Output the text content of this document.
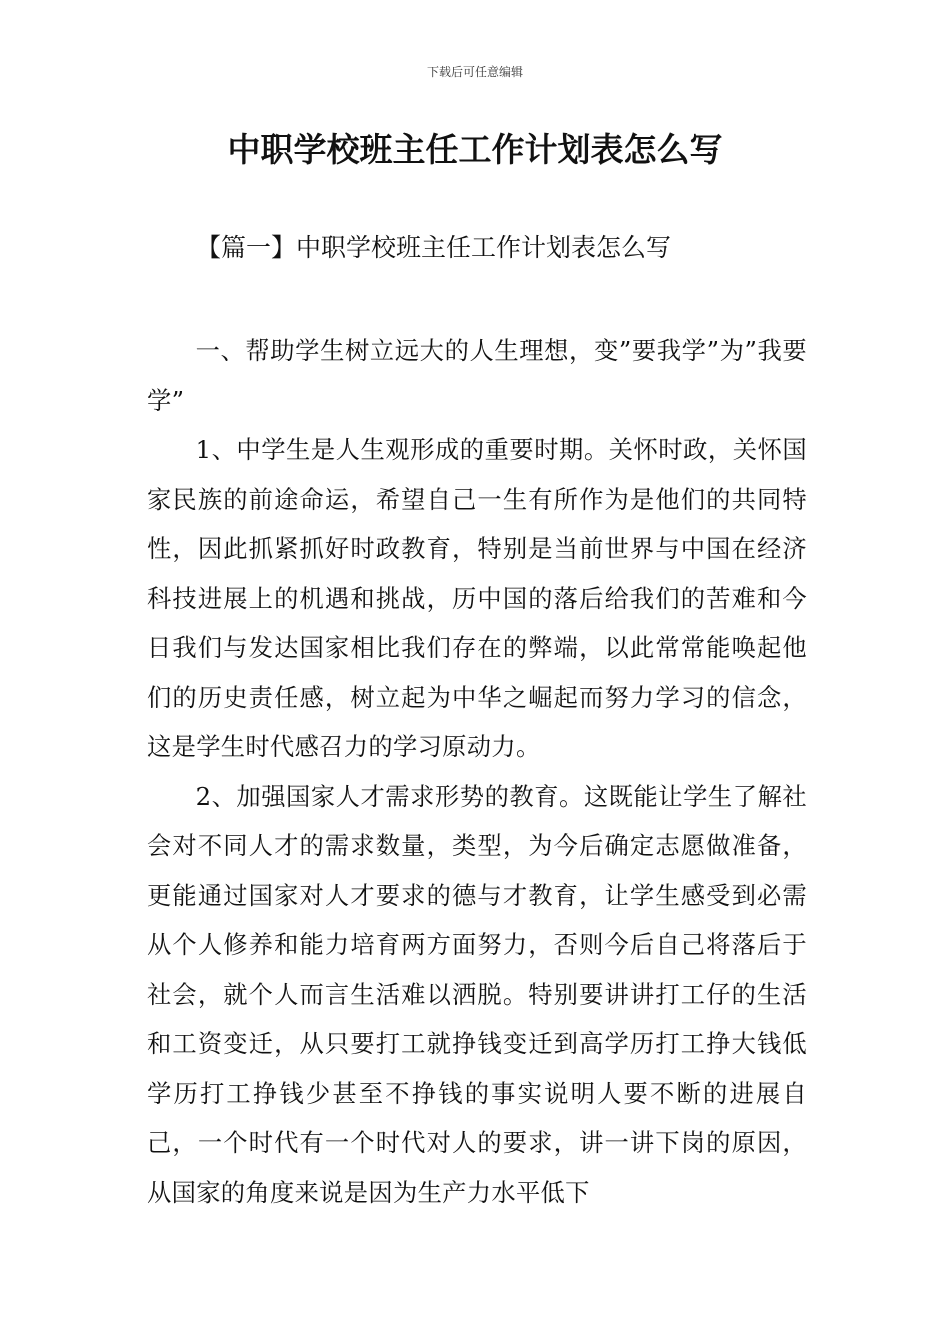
下载后可任意编辑
中职学校班主任工作计划表怎么写
【篇一】中职学校班主任工作计划表怎么写

一、帮助学生树立远大的人生理想，变”要我学”为”我要学”

1、中学生是人生观形成的重要时期。关怀时政，关怀国家民族的前途命运，希望自己一生有所作为是他们的共同特性，因此抓紧抓好时政教育，特别是当前世界与中国在经济科技进展上的机遇和挑战，历中国的落后给我们的苦难和今日我们与发达国家相比我们存在的弊端，以此常常能唤起他们的历史责任感，树立起为中华之崛起而努力学习的信念，这是学生时代感召力的学习原动力。

2、加强国家人才需求形势的教育。这既能让学生了解社会对不同人才的需求数量，类型，为今后确定志愿做准备，更能通过国家对人才要求的德与才教育，让学生感受到必需从个人修养和能力培育两方面努力，否则今后自己将落后于社会，就个人而言生活难以洒脱。特别要讲讲打工仔的生活和工资变迁，从只要打工就挣钱变迁到高学历打工挣大钱低学历打工挣钱少甚至不挣钱的事实说明人要不断的进展自己，一个时代有一个时代对人的要求，讲一讲下岗的原因，从国家的角度来说是因为生产力水平低下
